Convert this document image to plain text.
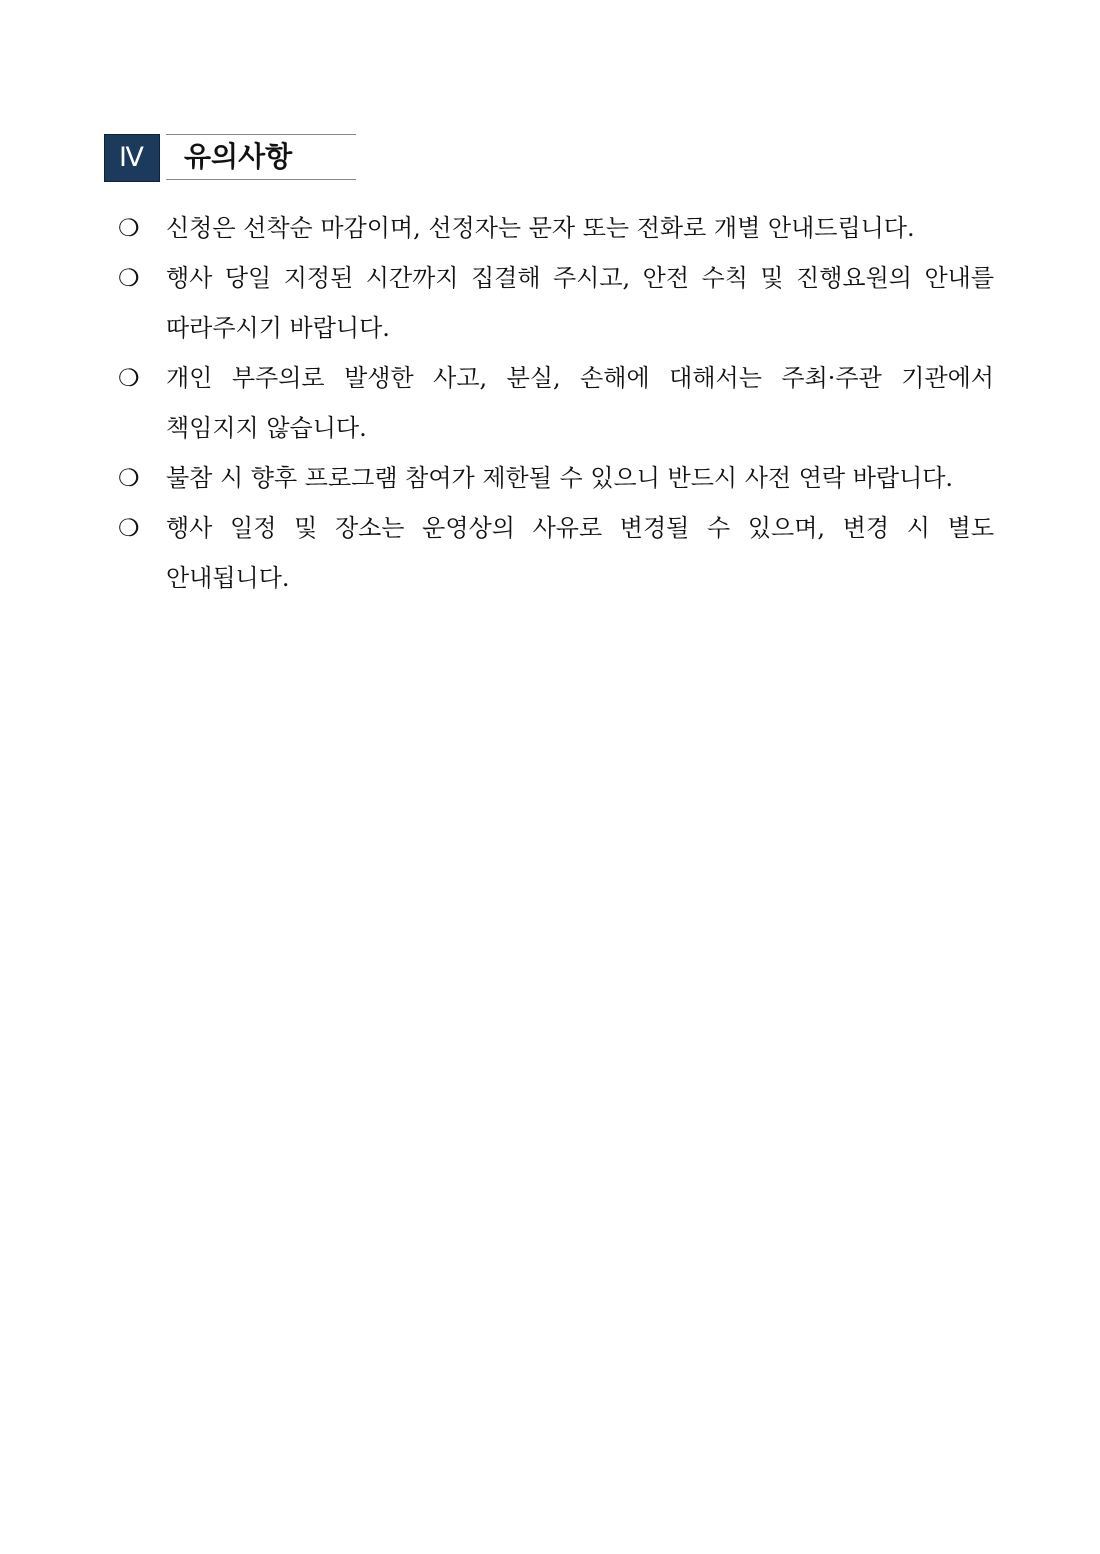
Ⅳ	유의사항
❍	신청은 선착순 마감이며, 선정자는 문자 또는 전화로 개별 안내드립니다.
❍	행사 당일 지정된 시간까지 집결해 주시고, 안전 수칙 및 진행요원의 안내를 따라주시기 바랍니다.
❍	개인 부주의로 발생한 사고, 분실, 손해에 대해서는 주최·주관 기관에서 책임지지 않습니다.
❍	불참 시 향후 프로그램 참여가 제한될 수 있으니 반드시 사전 연락 바랍니다.
❍	행사 일정 및 장소는 운영상의 사유로 변경될 수 있으며, 변경 시 별도 안내됩니다.
